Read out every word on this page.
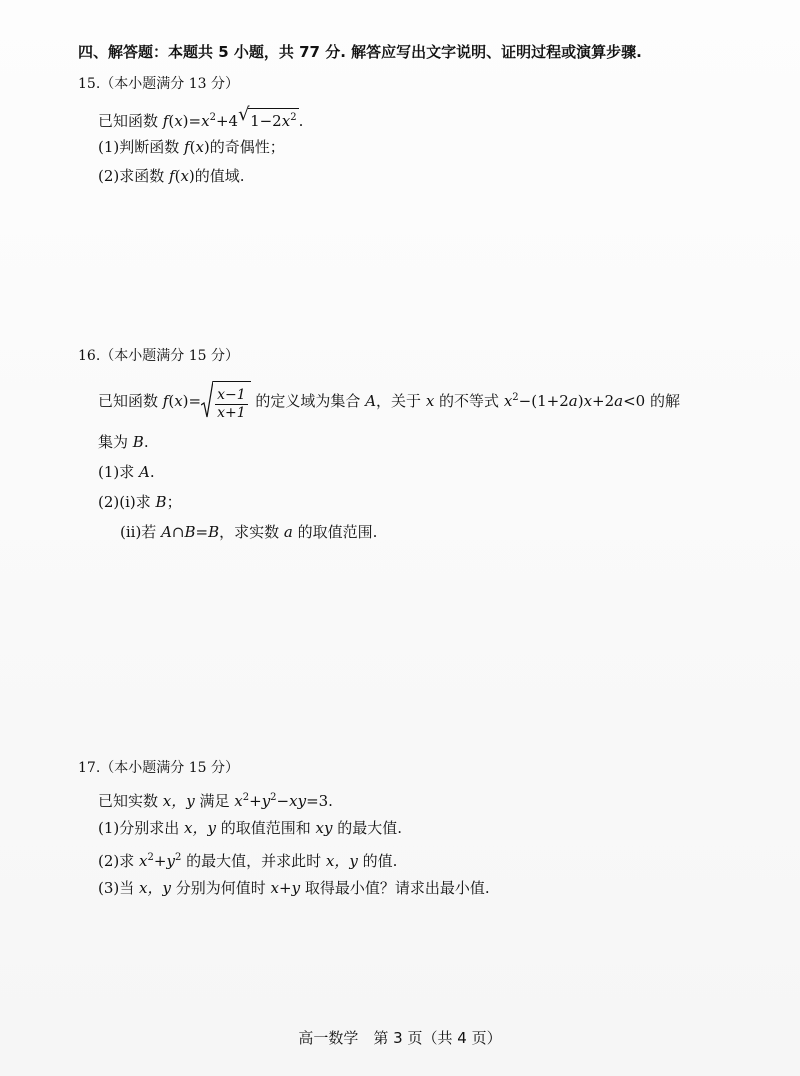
四、解答题：本题共 5 小题，共 77 分. 解答应写出文字说明、证明过程或演算步骤.
15.（本小题满分 13 分）
已知函数 $f(x)=x^2+4$ √ $1-2x^2$ .
(1)判断函数 f(x)的奇偶性；
(2)求函数 f(x)的值域.
16.（本小题满分 15 分）
已知函数 $f(x)= \frac{x-1}{x+1}$ 的定义域为集合 A，关于 x 的不等式 $x^2-(1+2a)x+2a<0$ 的解
集为 B.
(1)求 A.
(2)(i)求 B；
(ii)若 A∩B=B，求实数 a 的取值范围.
17.（本小题满分 15 分）
已知实数 x，y 满足 $x^2+y^2-xy=3$.
(1)分别求出 x，y 的取值范围和 xy 的最大值.
(2)求 $x^2+y^2$ 的最大值，并求此时 x，y 的值.
(3)当 x，y 分别为何值时 x+y 取得最小值？请求出最小值.
高一数学　第 3 页（共 4 页）
